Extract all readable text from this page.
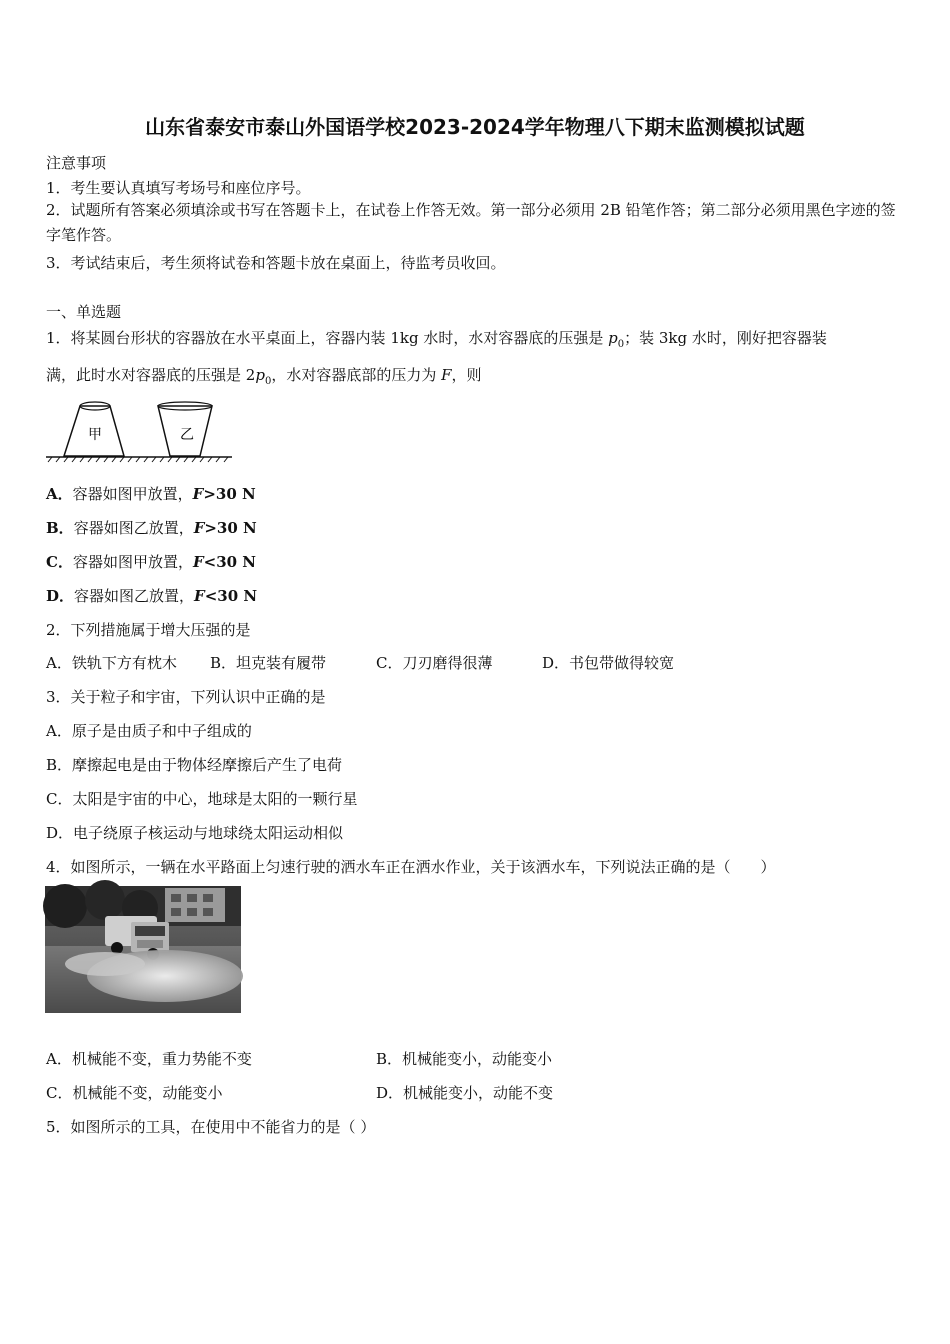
山东省泰安市泰山外国语学校2023-2024学年物理八下期末监测模拟试题
注意事项
1．考生要认真填写考场号和座位序号。
2．试题所有答案必须填涂或书写在答题卡上，在试卷上作答无效。第一部分必须用 2B 铅笔作答；第二部分必须用黑色字迹的签字笔作答。
3．考试结束后，考生须将试卷和答题卡放在桌面上，待监考员收回。
一、单选题
1．将某圆台形状的容器放在水平桌面上，容器内装 1kg 水时，水对容器底的压强是 $p_0$；装 3kg 水时，刚好把容器装
满，此时水对容器底的压强是 $2p_0$，水对容器底部的压力为 F，则
甲	乙
A．容器如图甲放置，F>30 N
B．容器如图乙放置，F>30 N
C．容器如图甲放置，F<30 N
D．容器如图乙放置，F<30 N
2．下列措施属于增大压强的是
A．铁轨下方有枕木 B．坦克装有履带	C．刀刃磨得很薄	D．书包带做得较宽
3．关于粒子和宇宙，下列认识中正确的是
A．原子是由质子和中子组成的
B．摩擦起电是由于物体经摩擦后产生了电荷
C．太阳是宇宙的中心，地球是太阳的一颗行星
D．电子绕原子核运动与地球绕太阳运动相似
4．如图所示，一辆在水平路面上匀速行驶的洒水车正在洒水作业，关于该洒水车，下列说法正确的是（　　）
A．机械能不变，重力势能不变	B．机械能变小，动能变小
C．机械能不变，动能变小	D．机械能变小，动能不变
5．如图所示的工具，在使用中不能省力的是（ ）
